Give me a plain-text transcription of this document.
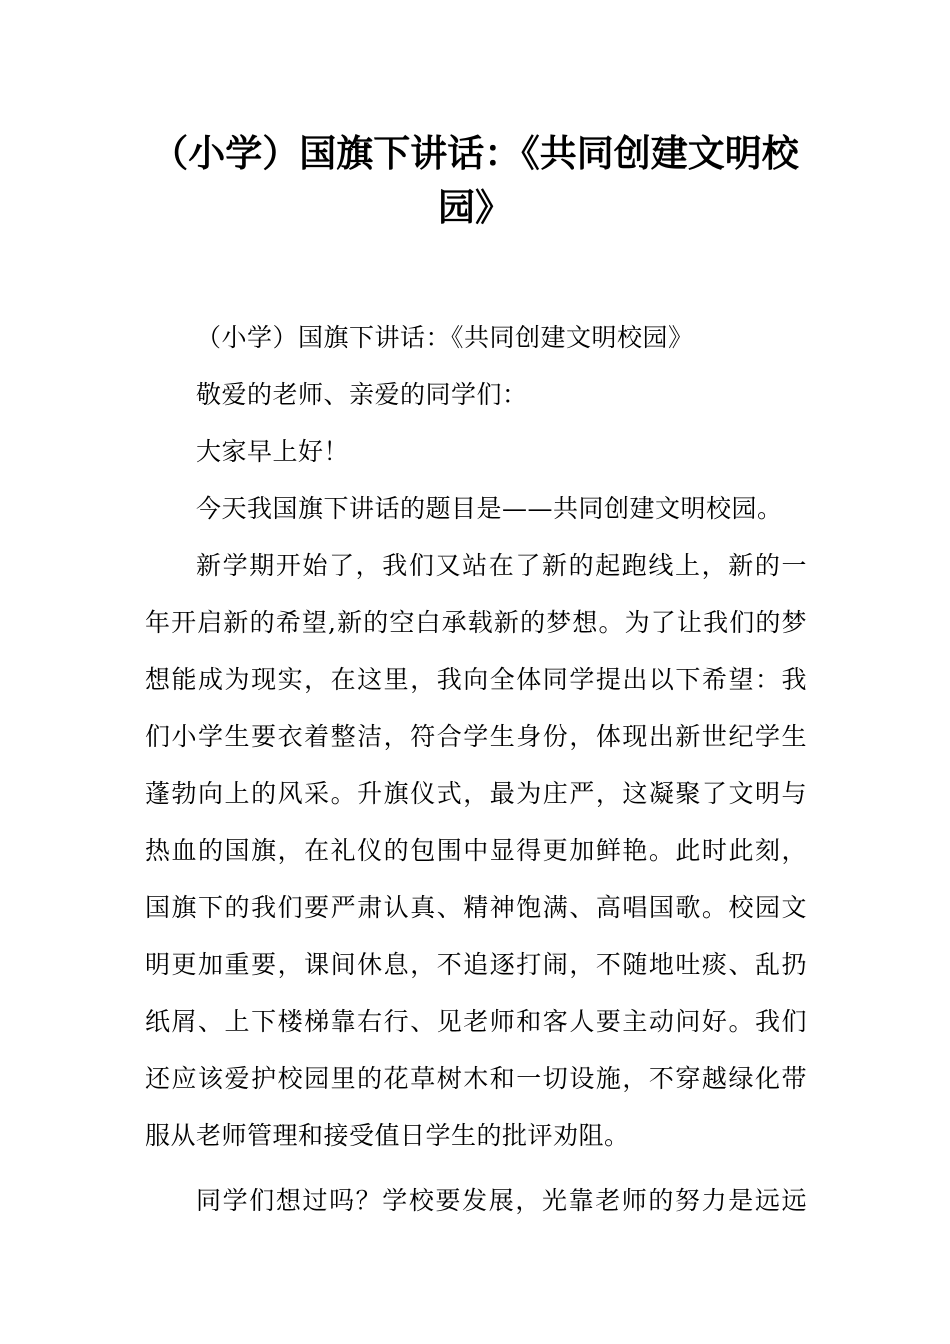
（小学）国旗下讲话：《共同创建文明校
园》
（小学）国旗下讲话：《共同创建文明校园》
敬爱的老师、亲爱的同学们：
大家早上好！
今天我国旗下讲话的题目是——共同创建文明校园。
新学期开始了，我们又站在了新的起跑线上，新的一
年开启新的希望,新的空白承载新的梦想。为了让我们的梦
想能成为现实，在这里，我向全体同学提出以下希望：我
们小学生要衣着整洁，符合学生身份，体现出新世纪学生
蓬勃向上的风采。升旗仪式，最为庄严，这凝聚了文明与
热血的国旗，在礼仪的包围中显得更加鲜艳。此时此刻，
国旗下的我们要严肃认真、精神饱满、高唱国歌。校园文
明更加重要，课间休息，不追逐打闹，不随地吐痰、乱扔
纸屑、上下楼梯靠右行、见老师和客人要主动问好。我们
还应该爱护校园里的花草树木和一切设施，不穿越绿化带
服从老师管理和接受值日学生的批评劝阻。
同学们想过吗？学校要发展，光靠老师的努力是远远
